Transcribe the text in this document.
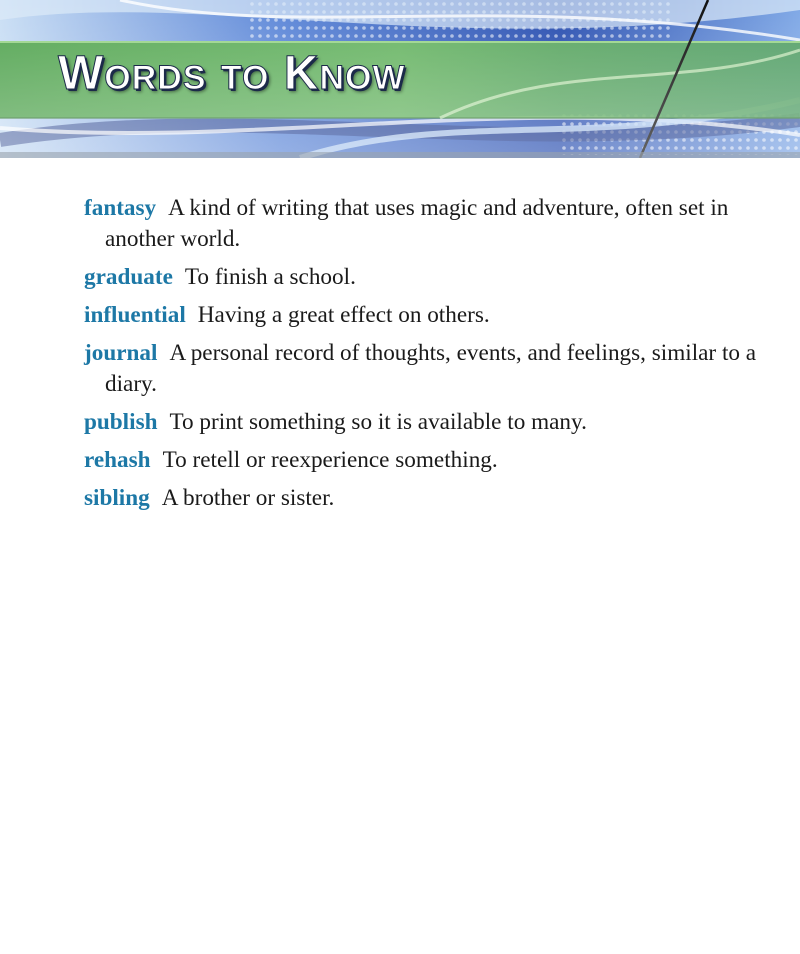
Words to Know

fantasy A kind of writing that uses magic and adventure, often set in another world.

graduate To finish a school.

influential Having a great effect on others.

journal A personal record of thoughts, events, and feelings, similar to a diary.

publish To print something so it is available to many.

rehash To retell or reexperience something.

sibling A brother or sister.
